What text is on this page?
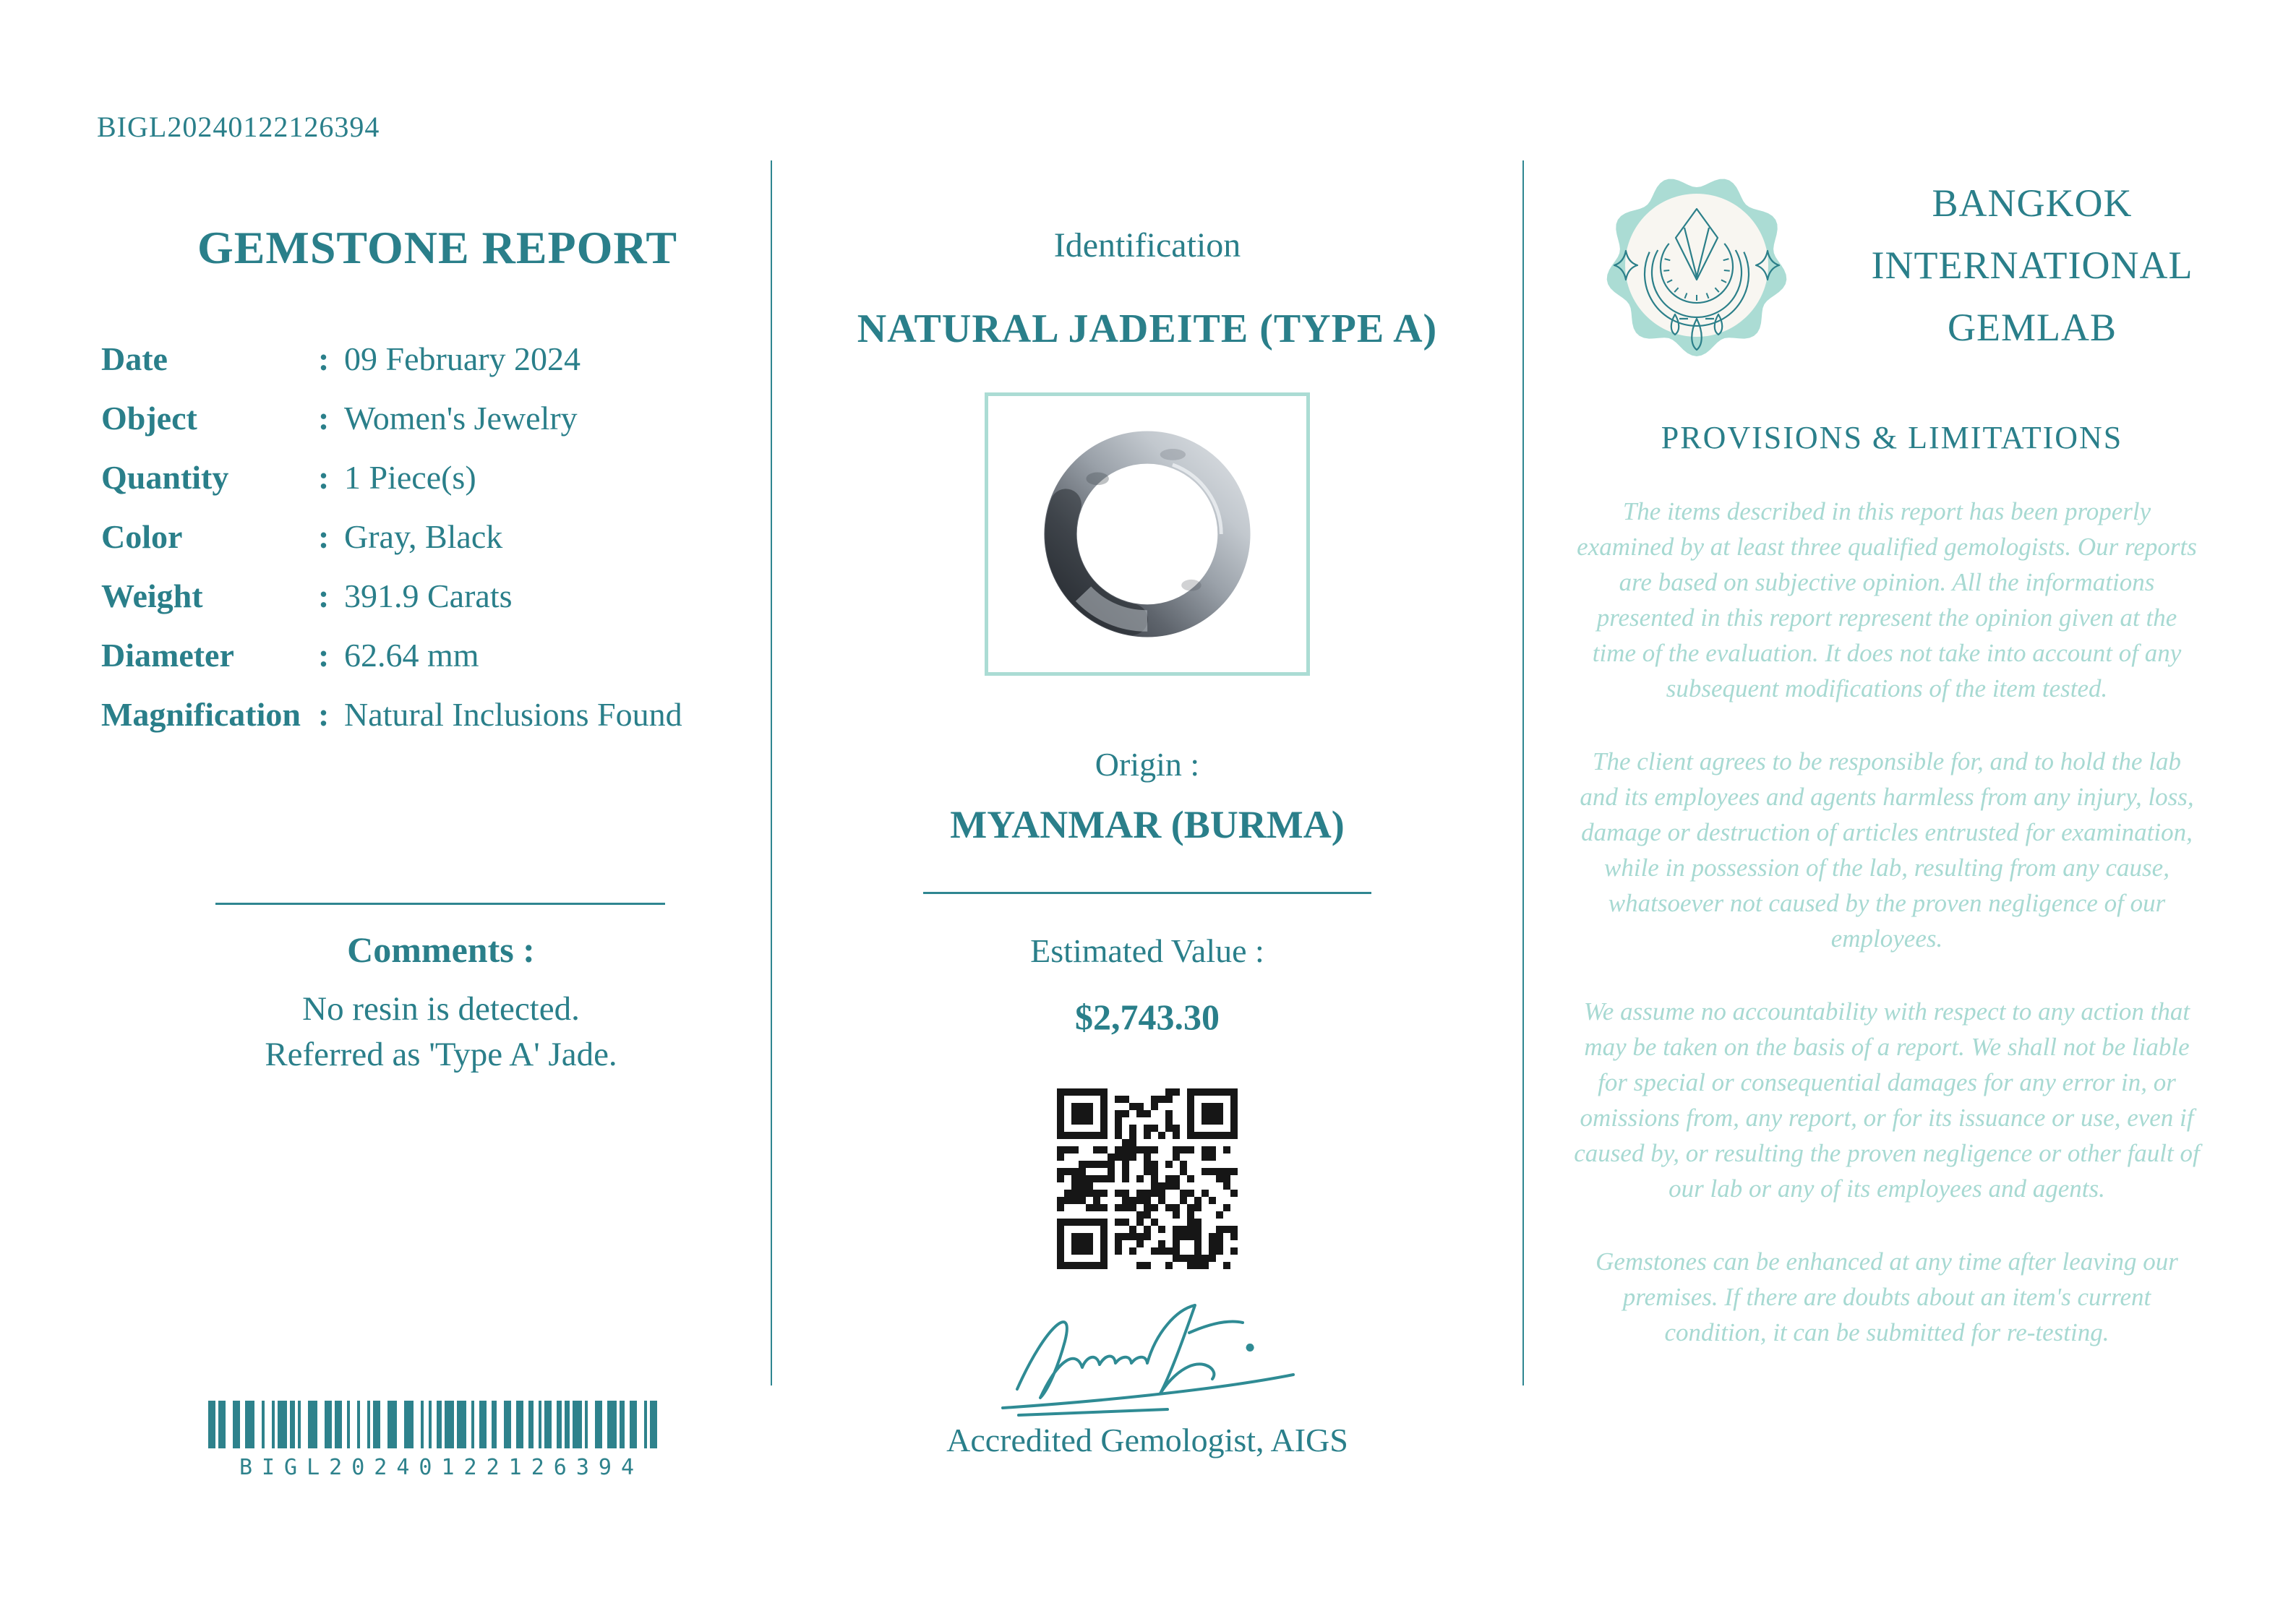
BIGL20240122126394
GEMSTONE REPORT
Date	: 09 February 2024
Object	: Women's Jewelry
Quantity	: 1 Piece(s)
Color	: Gray, Black
Weight	: 391.9 Carats
Diameter	: 62.64 mm
Magnification : Natural Inclusions Found
Comments :

No resin is detected.

Referred as 'Type A' Jade.

BIGL20240122126394
Identification
NATURAL JADEITE (TYPE A)
Origin :
MYANMAR (BURMA)
Estimated Value :
$2,743.30
Accredited Gemologist, AIGS
BANGKOK
INTERNATIONAL
GEMLAB
PROVISIONS & LIMITATIONS

The items described in this report has been properly examined by at least three qualified gemologists. Our reports are based on subjective opinion. All the informations presented in this report represent the opinion given at the time of the evaluation. It does not take into account of any subsequent modifications of the item tested.

The client agrees to be responsible for, and to hold the lab and its employees and agents harmless from any injury, loss, damage or destruction of articles entrusted for examination, while in possession of the lab, resulting from any cause, whatsoever not caused by the proven negligence of our employees.

We assume no accountability with respect to any action that may be taken on the basis of a report. We shall not be liable for special or consequential damages for any error in, or omissions from, any report, or for its issuance or use, even if caused by, or resulting the proven negligence or other fault of our lab or any of its employees and agents.

Gemstones can be enhanced at any time after leaving our premises. If there are doubts about an item's current condition, it can be submitted for re-testing.
